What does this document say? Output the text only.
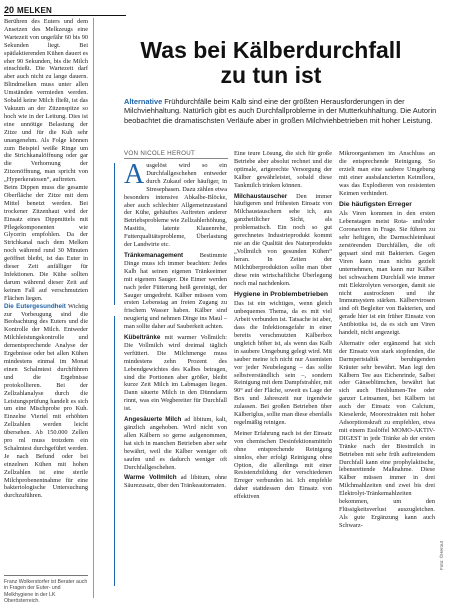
20 MELKEN

Berühren des Euters und dem Ansetzen des Melkzeugs eine Wartezeit von ungefähr 60 bis 90 Sekunden liegt. Bei spätlaktierenden Kühen dauert es eher 90 Sekunden, bis die Milch einschießt. Die Wartezeit darf aber auch nicht zu lange dauern. Blindmelken muss unter allen Umständen vermieden werden. Sobald keine Milch fließt, ist das Vakuum an der Zitzenspitze so hoch wie in der Leitung. Dies ist eine unnötige Belastung der Zitze und für die Kuh sehr unangenehm. Als Folge können zum Beispiel weiße Ringe um die Strichkanalöffnung oder gar die Verhornung der Zitzenöffnung, man spricht von „Hyperkeratosen“, auftreten.

Beim Dippen muss die gesamte Oberfläche der Zitze mit dem Mittel benetzt werden. Bei trockener Zitzenhaut wird der Einsatz eines Dippmittels mit Pflegekomponenten wie Glycerin empfohlen. Da der Strichkanal nach dem Melken noch während rund 30 Minuten geöffnet bleibt, ist das Euter in dieser Zeit anfälliger für Infektionen. Die Kühe sollten darum während dieser Zeit auf keinen Fall auf verschmutzten Flächen liegen.

Die Eutergesundheit Wichtig zur Vorbeugung sind die Beobachtung des Euters und die Kontrolle der Milch. Entweder Milchleistungskontrolle und dementsprechende Analyse der Ergebnisse oder bei allen Kühen mindestens einmal im Monat einen Schalmtest durchführen und die Ergebnisse protokollieren. Bei der Zellzahlanalyse durch die Leistungsprüfung handelt es sich um eine Mischprobe pro Kuh. Einzelne Viertel mit erhöhten Zellzahlen werden leicht übersehen. Ab 150.000 Zellen pro ml muss trotzdem ein Schalmtest durchgeführt werden. Je nach Befund oder bei einzelnen Kühen mit hohen Zellzahlen ist eine sterile Milchprobenentnahme für eine bakteriologische Untersuchung durchzuführen.

Franz Wolkerstorfer ist Berater auch in Fragen der Euter- und Melkhygiene in der LK Oberösterreich.
Was bei Kälberdurchfall
zu tun ist
Alternative Frühdurchfälle beim Kalb sind eine der größten Herausforderungen in der Milchviehhaltung. Natürlich gibt es auch Durchfallprobleme in der Mutterkuhhaltung. Die Autorin beobachtet die dramatischsten Verläufe aber in großen Milchviehbetrieben mit hoher Leistung.
VON NICOLE HEROUT

Ausgelöst wird so ein Durchfallgeschehen entweder durch Zukauf oder häufiger, in Stresephasen. Dazu zählen etwa besonders intensive Abkalbe-Blöcke, aber auch schlechter Allgemeinzustand der Kühe, gehäuftes Auftreten anderer Betriebsprobleme wie Zellzahlerhöhung, Mastitis, latente Klauenrehe, Futterqualitätsprobleme, Überlastung der Landwirte etc.

Tränkemanagement Bestimmte Dinge muss ich immer beachten: Jedes Kalb hat seinen eigenen Tränkeeimer mit eigenem Sauger. Die Eimer werden nach jeder Fütterung heiß gereinigt, der Sauger umgedreht. Kälber müssen vom ersten Lebenstag an freien Zugang zu frischem Wasser haben. Kälber sind neugierig und nehmen Dinge ins Maul – man sollte daher auf Sauberkeit achten.

Kübeltränke mit warmer Vollmilch: Die Vollmilch wird dreimal täglich verfüttert. Die Milchmenge muss mindestens zehn Prozent des Lebendgewichtes des Kalbes betragen, sind die Portionen aber größer, bleibt kurze Zeit Milch im Labmagen liegen. Dann säuerte Milch in den Dünndarm rinnt, was ein Wegbereiter für Durchfall ist.

Angesäuerte Milch ad libitum, kalt, gänzlich angehoben. Wird nicht von allen Kälbern so gerne aufgenommen, hat sich in manchen Betrieben aber sehr bewährt, weil die Kälber weniger oft saufen und es dadurch weniger oft Durchfallgeschehen.

Warme Vollmilch ad libitum, ohne Säurezusatz, über den Tränkeautomaten.

Eine teure Lösung, die sich für große Betriebe aber absolut rechnet und die optimale, artgerechte Versorgung der Kälber gewährleistet, sobald diese Tankmilch trinken können.

Milchaustauscher Den immer häufigeren und frühesten Einsatz von Milchaustauschern sehe ich, aus ganzheitlicher Sicht, als problematisch. Ein noch so gut gerechnetes Industrieprodukt kommt nie an die Qualität des Naturprodukts „Vollmilch von gesunden Kühen“ heran. In Zeiten der Milchüberproduktion sollte man über diese rein wirtschaftliche Überlegung noch mal nachdenken.

Hygiene in Problembetrieben

Das ist ein wichtiges, wenn gleich unbequemes Thema, da es mit viel Arbeit verbunden ist. Tatsache ist aber, dass die Infektionsgefahr in einer bereits verschmutzten Kälberbox ungleich höher ist, als wenn das Kalb in saubere Umgebung gelegt wird. Mit sauber meine ich nicht nur Ausmisten vor jeder Neubelegung – das sollte selbstverständlich sein –, sondern Reinigung mit dem Dampfstrahler, mit 90° auf der Fläche, soweit es Lage der Box und Jahreszeit nur irgendwie zulassen. Bei großen Betrieben über Kälberiglus, sollte man diese ebenfalls regelmäßig reinigen.

Meiner Erfahrung nach ist der Einsatz von chemischen Desinfektionsmitteln ohne entsprechende Reinigung sinnlos, eher erfolgt Reinigung ohne Option, die allerdings mit einer Resistenzbildung der verschiedenen Erreger verbunden ist. Ich empfehle daher stattdessen den Einsatz von effektiven

Mikroorganismen im Anschluss an die entsprechende Reinigung. So erzielt man eine saubere Umgebung mit einer ausbalancierten Keimflora, was das Explodieren von resistenten Keimen verhindert.

Die häufigsten Erreger

Als Viren kommen in den ersten Lebenstagen meist Rota- und/oder Coronaviren in Frage. Sie führen zu sehr heftigen, die Darmschleimhaut zerstörenden Durchfällen, die oft gepaart sind mit Bakterien. Gegen Viren kann man nichts gezielt unternehmen, man kann nur Kälber bei schwachem Durchfall wie immer mit Elektrolyten versorgen, damit sie nicht austrocknen und ihr Immunsystem stärken. Kälbervirosen sind oft Begleiter von Bakterien, und gerade hier ist ein früher Einsatz von Antibiotika ist, da es sich um Viren handelt, nicht angezeigt.

Alternativ oder ergänzend hat sich der Einsatz von stark stopfenden, die Darmperistaltik beruhigenden Kräuter sehr bewährt. Man legt den Kälbern Tee aus Eichenrinde, Salbei oder Gänseblümchen, bewährt hat sich auch Heublumen-Tee oder ganzer Leinsamen, bei Kälbern ist auch der Einsatz von Calcium, Kieselerde, Moorextrakten mit hoher Adsorptionskraft zu empfehlen, etwa mit einem Esslöffel MOMO-AKTIV-DIGEST in jede Tränke ab der ersten Tränke nach der Biestmilch in Betrieben mit sehr früh auftretendem Durchfall kann eine prophylaktische, lebensrettende Maßnahme. Diese Kälber müssen immer in drei Milchmahlzeiten und zwei bis drei Elektrolyt-Tränkemahlzeiten bekommen, um den Flüssigkeitsverlust auszugleichen. Als gute Ergänzung kann auch Schwarz-

Foto: ©Herout
